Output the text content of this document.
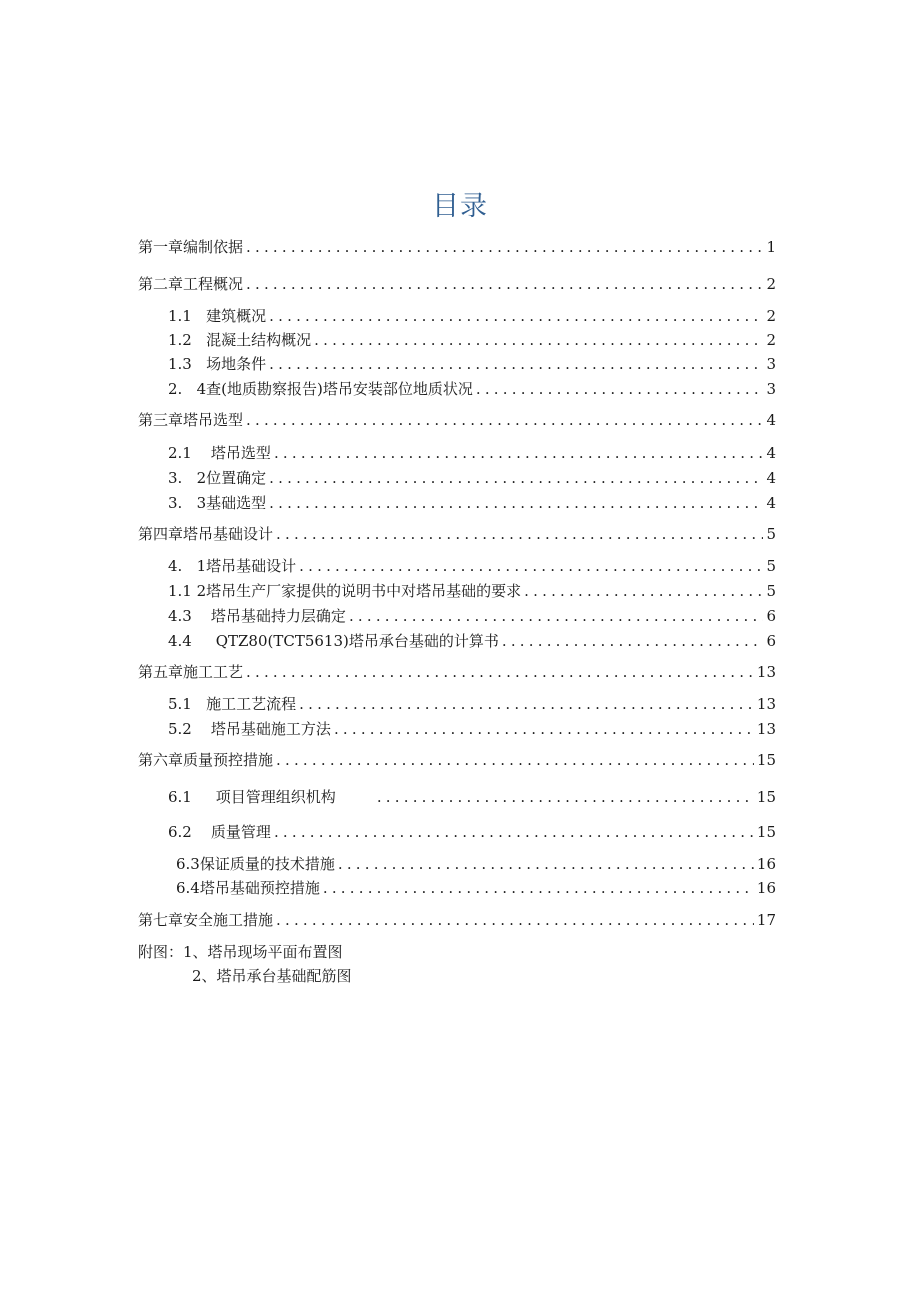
目录
第一章编制依据 .....	1
第二章工程概况 .....	2
1.1   建筑概况 .....	2
1.2   混凝土结构概况 .....	2
1.3   场地条件 .....	3
2.   4查(地质勘察报告)塔吊安装部位地质状况 .....	3
第三章塔吊选型 .....	4
2.1    塔吊选型 .....	4
3.   2位置确定 .....	4
3.   3基础选型 .....	4
第四章塔吊基础设计 .....	5
4.   1塔吊基础设计 .....	5
1.1 2塔吊生产厂家提供的说明书中对塔吊基础的要求 .....	5
4.3    塔吊基础持力层确定 .....	6
4.4     QTZ80(TCT5613)塔吊承台基础的计算书 .....	6
第五章施工工艺 .....	13
5.1   施工工艺流程 .....	13
5.2    塔吊基础施工方法 .....	13
第六章质量预控措施 .....	15
6.1     项目管理组织机构 .....	15
6.2    质量管理 .....	15
6.3保证质量的技术措施 .....	16
6.4塔吊基础预控措施 .....	16
第七章安全施工措施 .....	17
附图：1、塔吊现场平面布置图
2、塔吊承台基础配筋图
